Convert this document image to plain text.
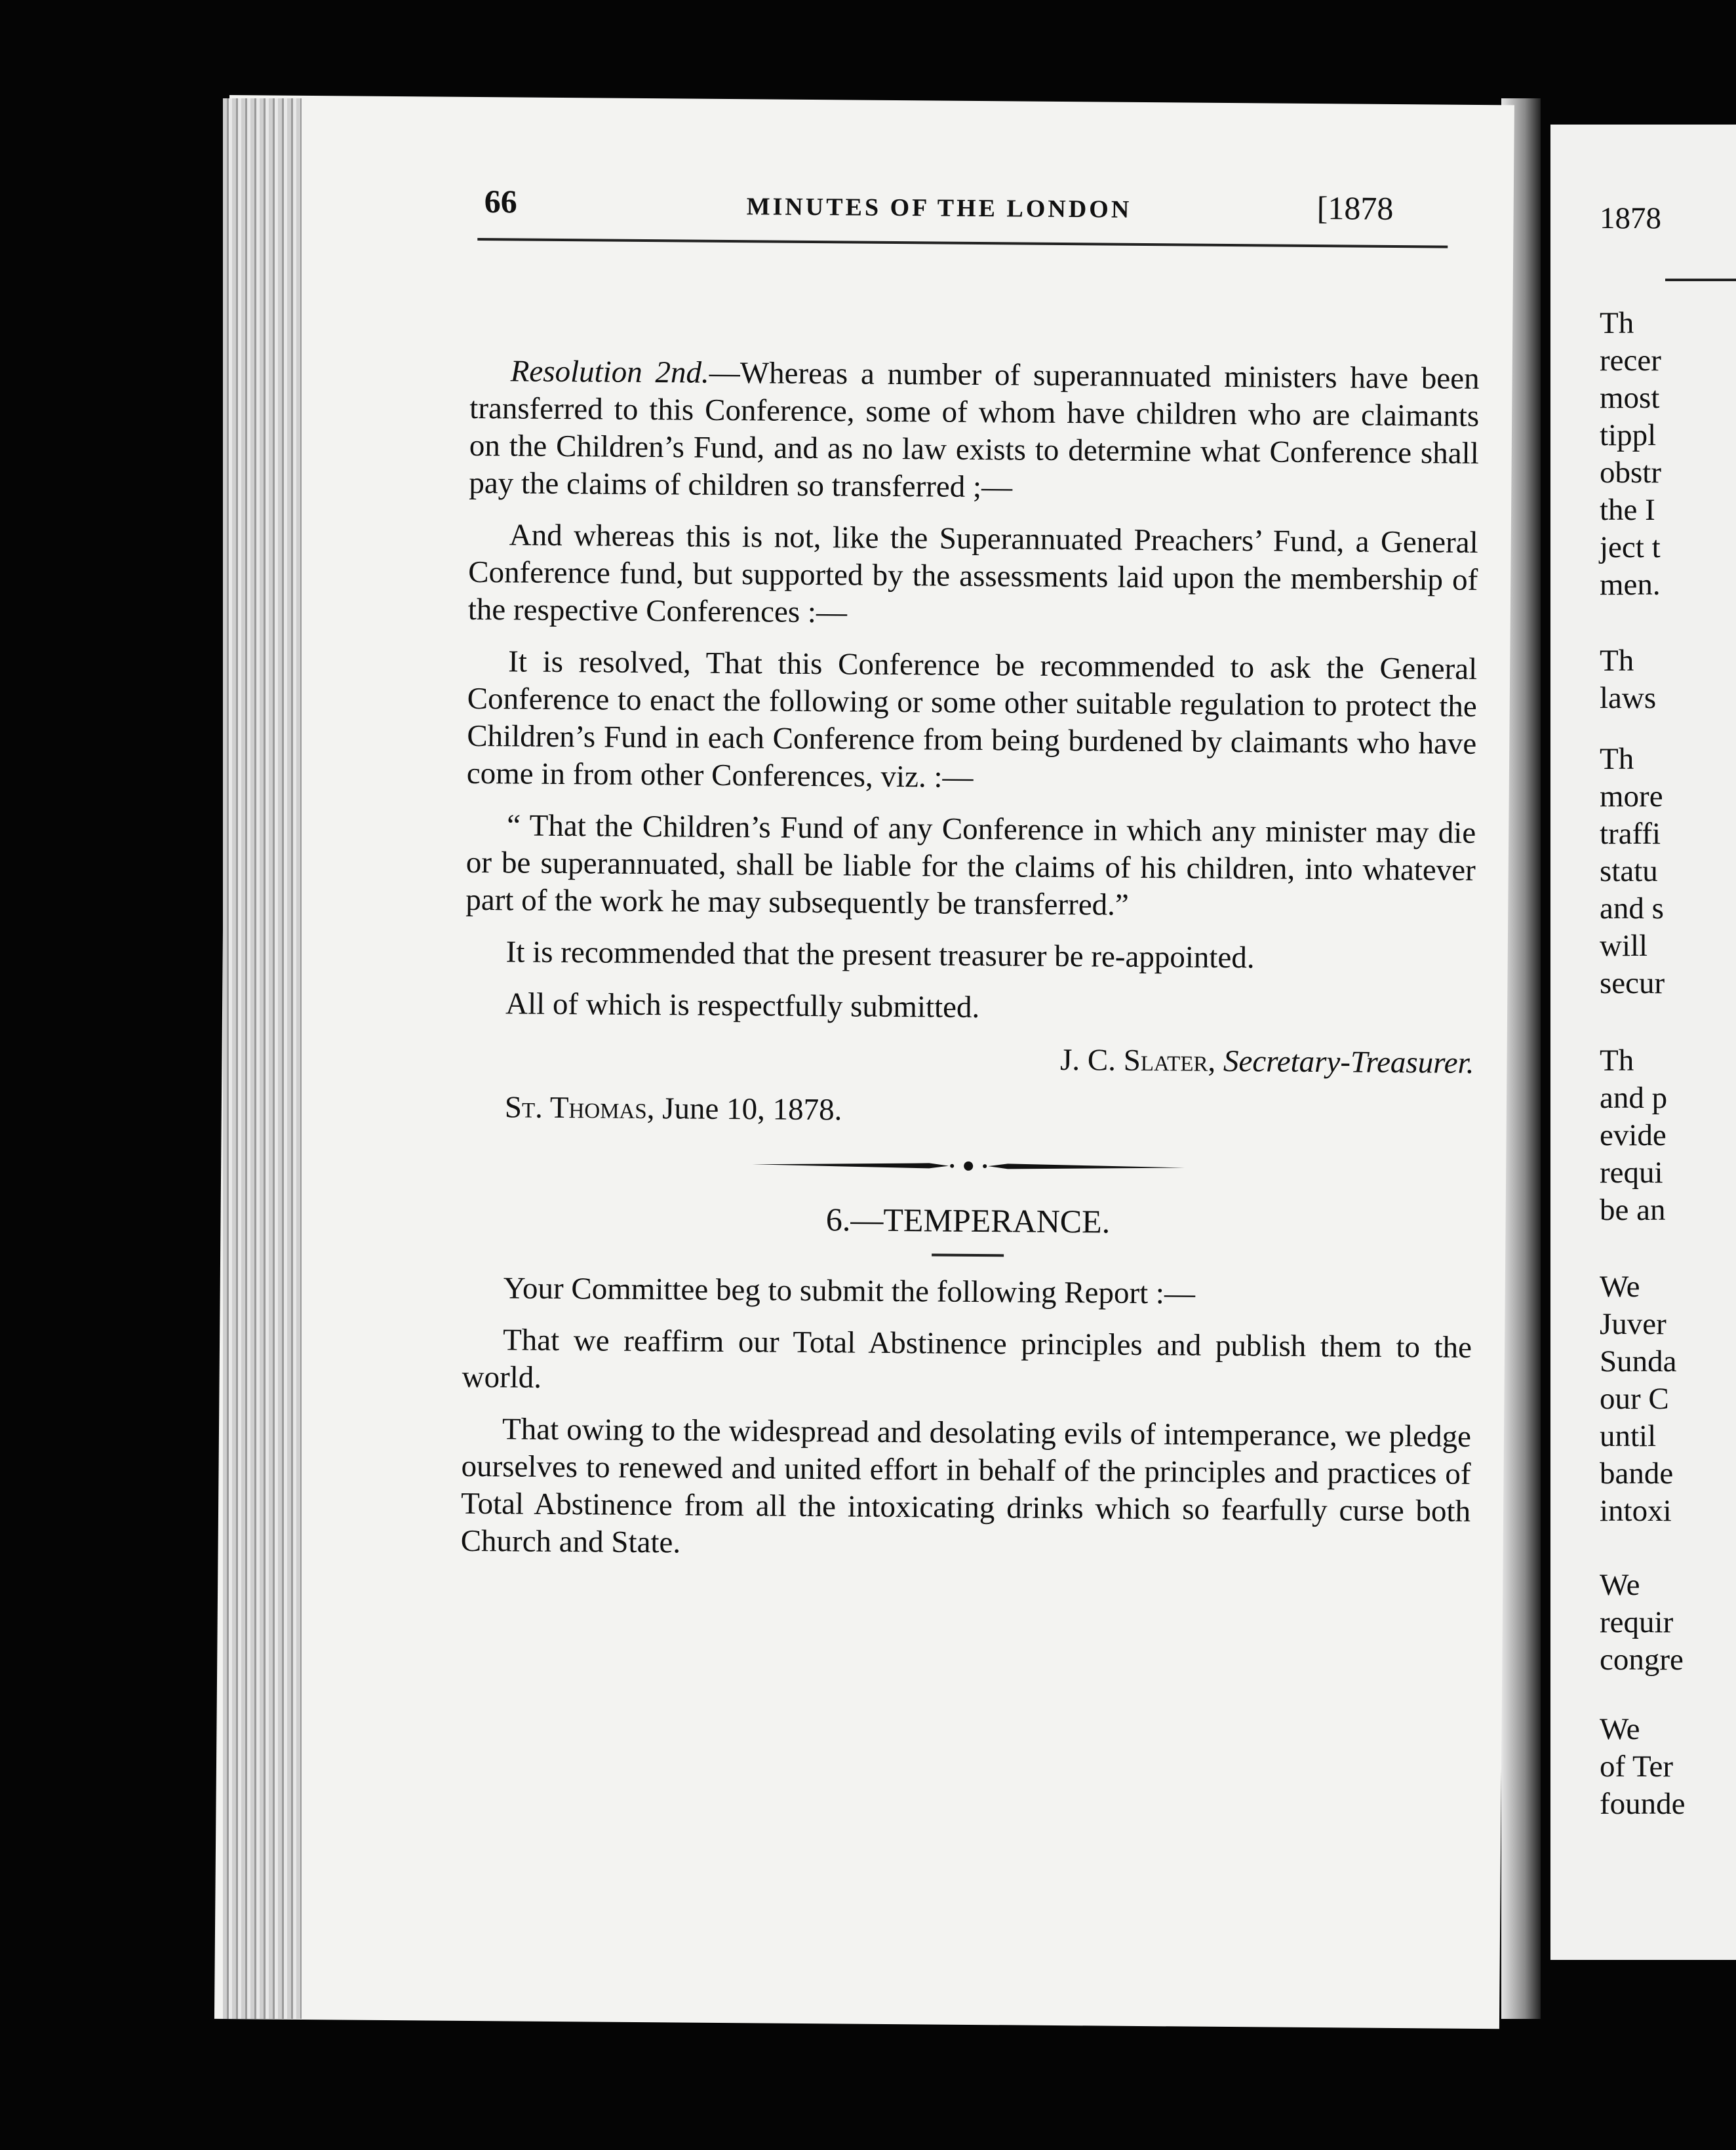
1878
Th
recer
most
tippl
obstr
the I
ject t
men.
Th
laws
Th
more
traffi
statu
and s
will
secur
Th
and p
evide
requi
be an
We
Juver
Sunda
our C
until
bande
intoxi
We
requir
congre
We
of Ter
founde
66	MINUTES OF THE LONDON	[1878

Resolution 2nd.—Whereas a number of superannuated ministers have been transferred to this Conference, some of whom have children who are claimants on the Children’s Fund, and as no law exists to determine what Conference shall pay the claims of children so transferred ;—

And whereas this is not, like the Superannuated Preachers’ Fund, a General Conference fund, but supported by the assessments laid upon the membership of the respective Conferences :—

It is resolved, That this Conference be recommended to ask the General Conference to enact the following or some other suitable regulation to protect the Children’s Fund in each Conference from being burdened by claimants who have come in from other Conferences, viz. :—

“ That the Children’s Fund of any Conference in which any minister may die or be superannuated, shall be liable for the claims of his children, into whatever part of the work he may subsequently be transferred.”

It is recommended that the present treasurer be re-appointed.

All of which is respectfully submitted.

J. C. Slater, Secretary-Treasurer.

St. Thomas, June 10, 1878.

6.—TEMPERANCE.

Your Committee beg to submit the following Report :—

That we reaffirm our Total Abstinence principles and publish them to the world.

That owing to the widespread and desolating evils of intemperance, we pledge ourselves to renewed and united effort in behalf of the principles and practices of Total Abstinence from all the intoxicating drinks which so fearfully curse both Church and State.
